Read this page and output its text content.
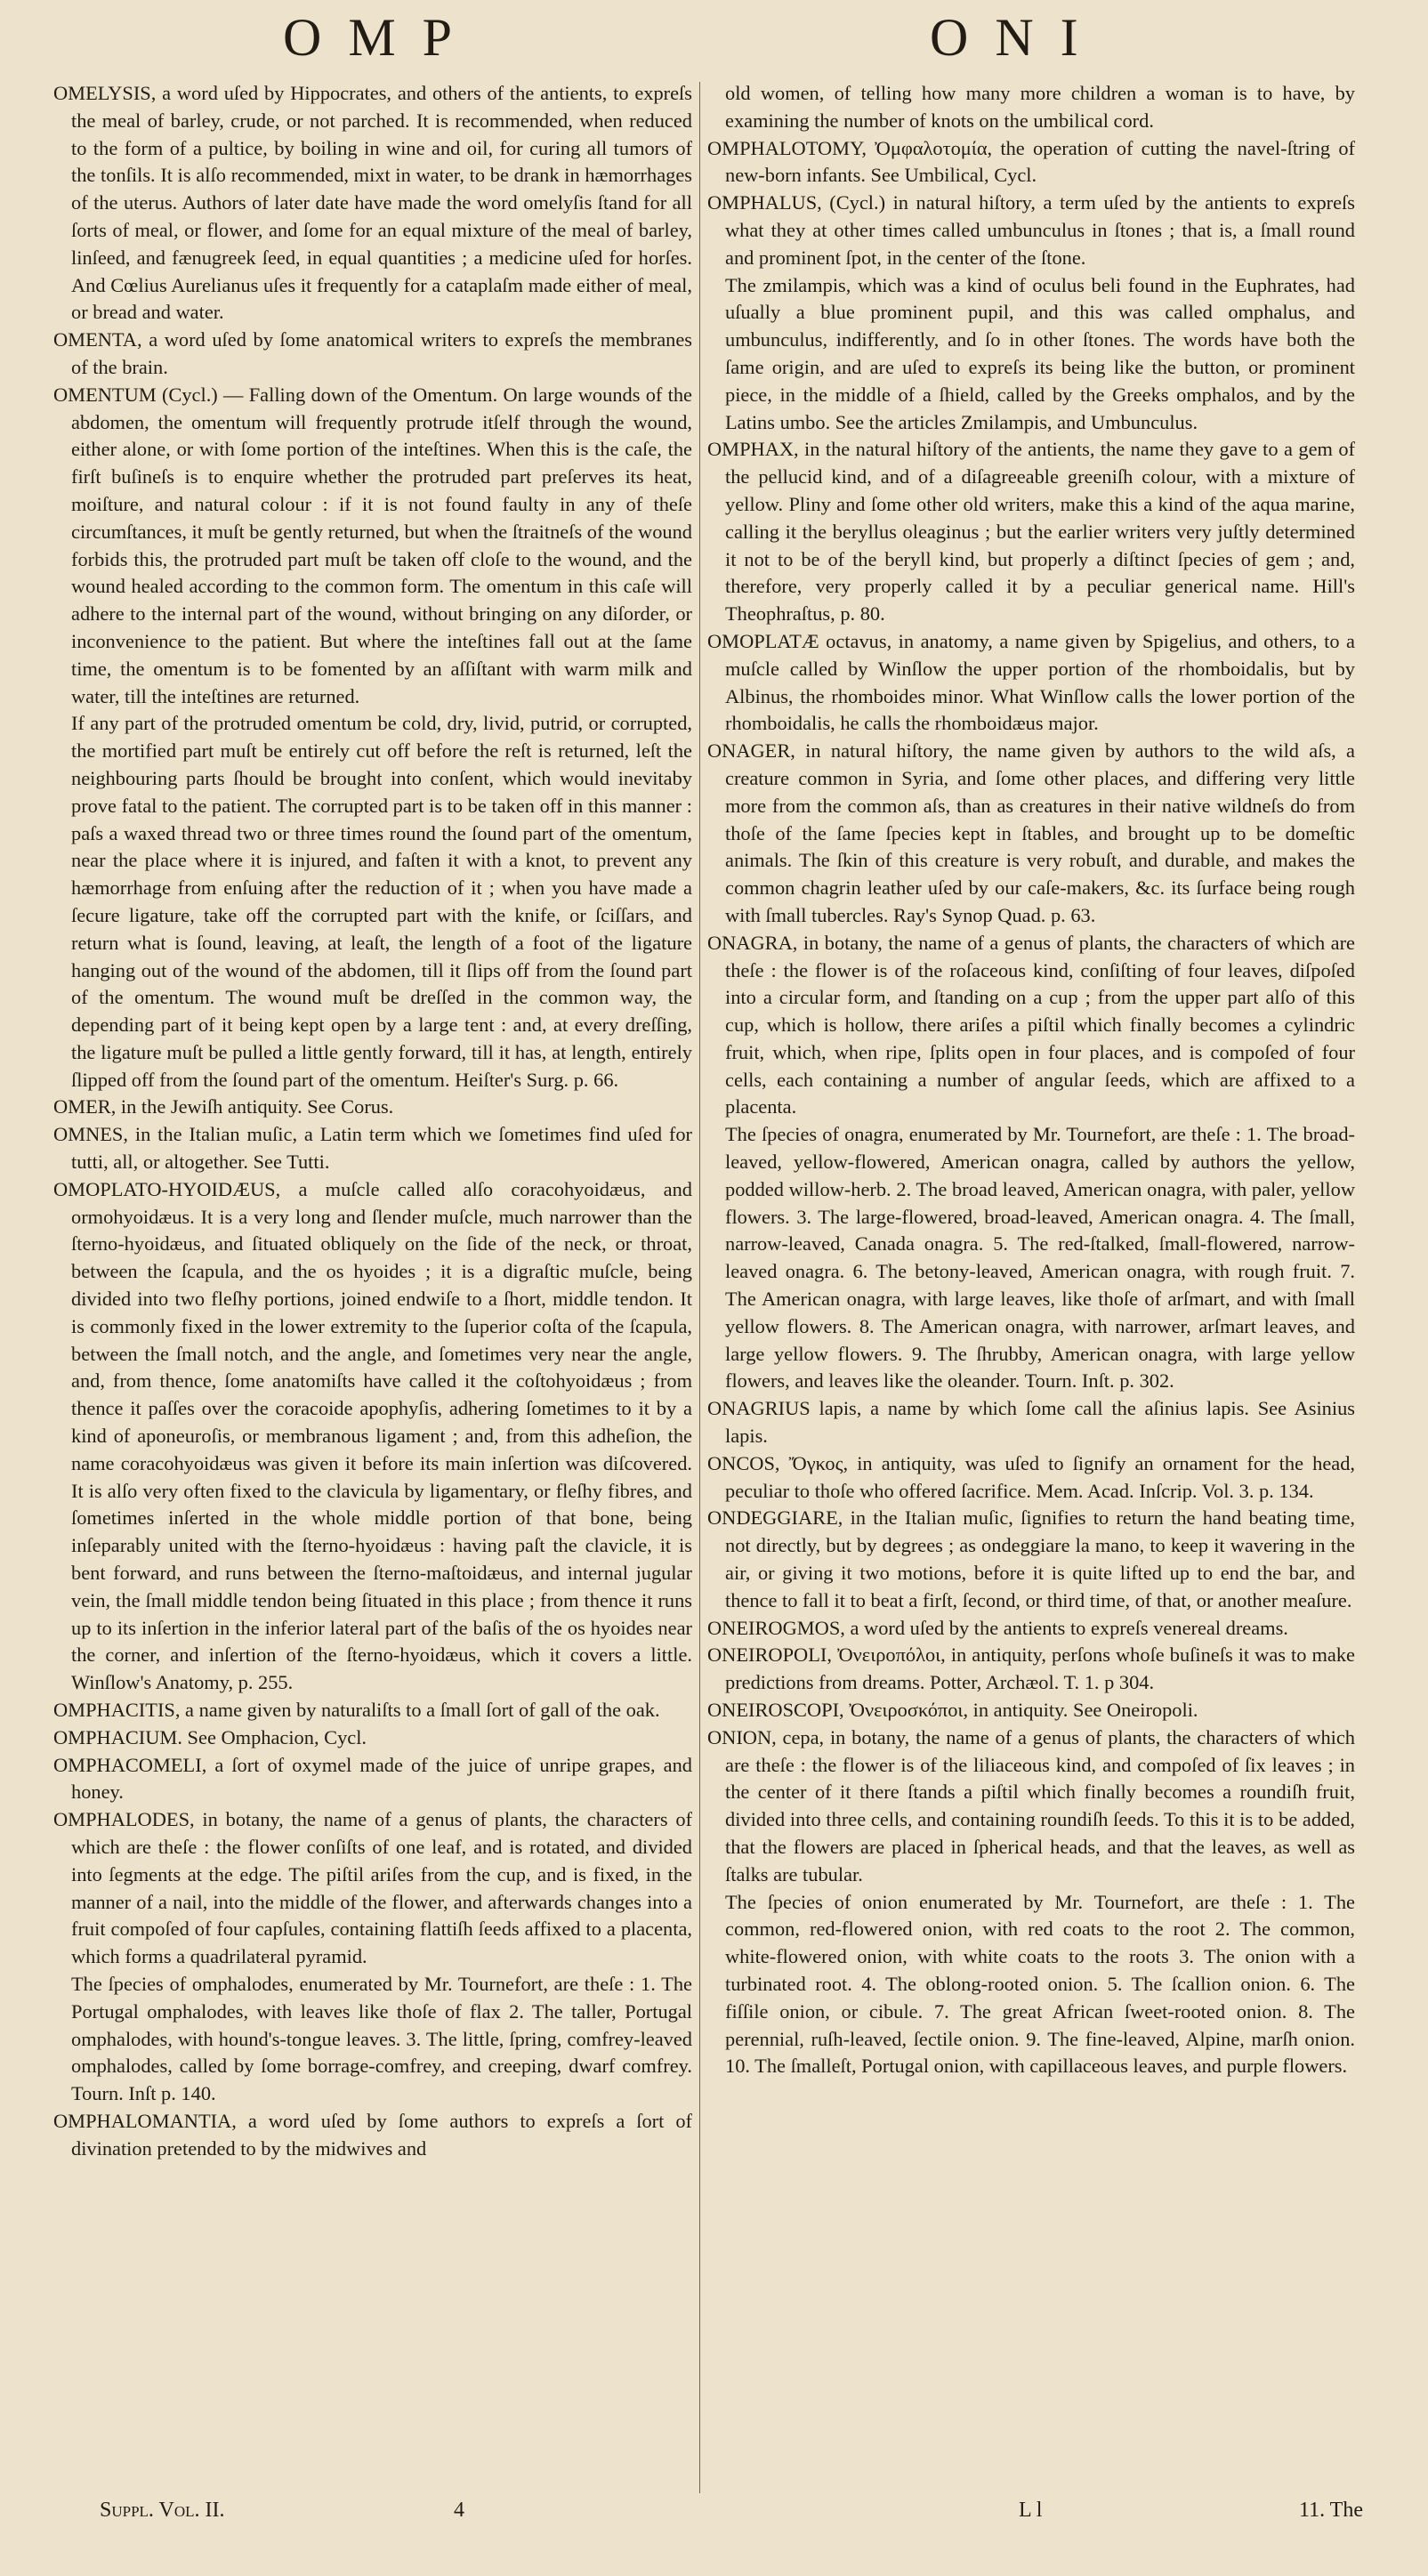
OMP	ONI

OMELYSIS, a word uſed by Hippocrates, and others of the antients, to expreſs the meal of barley, crude, or not parched. It is recommended, when reduced to the form of a pultice, by boiling in wine and oil, for curing all tumors of the tonſils. It is alſo recommended, mixt in water, to be drank in hæmorrhages of the uterus. Authors of later date have made the word omelyſis ſtand for all ſorts of meal, or flower, and ſome for an equal mixture of the meal of barley, linſeed, and fænugreek ſeed, in equal quantities ; a medicine uſed for horſes. And Cœlius Aurelianus uſes it frequently for a cataplaſm made either of meal, or bread and water.

OMENTA, a word uſed by ſome anatomical writers to expreſs the membranes of the brain.

OMENTUM (Cycl.) — Falling down of the Omentum. On large wounds of the abdomen, the omentum will frequently protrude itſelf through the wound, either alone, or with ſome portion of the inteſtines. When this is the caſe, the firſt buſineſs is to enquire whether the protruded part preſerves its heat, moiſture, and natural colour : if it is not found faulty in any of theſe circumſtances, it muſt be gently returned, but when the ſtraitneſs of the wound forbids this, the protruded part muſt be taken off cloſe to the wound, and the wound healed according to the common form. The omentum in this caſe will adhere to the internal part of the wound, without bringing on any diſorder, or inconvenience to the patient. But where the inteſtines fall out at the ſame time, the omentum is to be fomented by an aſſiſtant with warm milk and water, till the inteſtines are returned.

If any part of the protruded omentum be cold, dry, livid, putrid, or corrupted, the mortified part muſt be entirely cut off before the reſt is returned, leſt the neighbouring parts ſhould be brought into conſent, which would inevitaby prove fatal to the patient. The corrupted part is to be taken off in this manner : paſs a waxed thread two or three times round the ſound part of the omentum, near the place where it is injured, and faſten it with a knot, to prevent any hæmorrhage from enſuing after the reduction of it ; when you have made a ſecure ligature, take off the corrupted part with the knife, or ſciſſars, and return what is ſound, leaving, at leaſt, the length of a foot of the ligature hanging out of the wound of the abdomen, till it ſlips off from the ſound part of the omentum. The wound muſt be dreſſed in the common way, the depending part of it being kept open by a large tent : and, at every dreſſing, the ligature muſt be pulled a little gently forward, till it has, at length, entirely ſlipped off from the ſound part of the omentum. Heiſter's Surg. p. 66.

OMER, in the Jewiſh antiquity. See Corus.

OMNES, in the Italian muſic, a Latin term which we ſometimes find uſed for tutti, all, or altogether. See Tutti.

OMOPLATO-HYOIDÆUS, a muſcle called alſo coracohyoidæus, and ormohyoidæus. It is a very long and ſlender muſcle, much narrower than the ſterno-hyoidæus, and ſituated obliquely on the ſide of the neck, or throat, between the ſcapula, and the os hyoides ; it is a digraſtic muſcle, being divided into two fleſhy portions, joined endwiſe to a ſhort, middle tendon. It is commonly fixed in the lower extremity to the ſuperior coſta of the ſcapula, between the ſmall notch, and the angle, and ſometimes very near the angle, and, from thence, ſome anatomiſts have called it the coſtohyoidæus ; from thence it paſſes over the coracoide apophyſis, adhering ſometimes to it by a kind of aponeuroſis, or membranous ligament ; and, from this adheſion, the name coracohyoidæus was given it before its main inſertion was diſcovered. It is alſo very often fixed to the clavicula by ligamentary, or fleſhy fibres, and ſometimes inſerted in the whole middle portion of that bone, being inſeparably united with the ſterno-hyoidæus : having paſt the clavicle, it is bent forward, and runs between the ſterno-maſtoidæus, and internal jugular vein, the ſmall middle tendon being ſituated in this place ; from thence it runs up to its inſertion in the inferior lateral part of the baſis of the os hyoides near the corner, and inſertion of the ſterno-hyoidæus, which it covers a little. Winſlow's Anatomy, p. 255.

OMPHACITIS, a name given by naturaliſts to a ſmall ſort of gall of the oak.

OMPHACIUM. See Omphacion, Cycl.

OMPHACOMELI, a ſort of oxymel made of the juice of unripe grapes, and honey.

OMPHALODES, in botany, the name of a genus of plants, the characters of which are theſe : the flower conſiſts of one leaf, and is rotated, and divided into ſegments at the edge. The piſtil ariſes from the cup, and is fixed, in the manner of a nail, into the middle of the flower, and afterwards changes into a fruit compoſed of four capſules, containing flattiſh ſeeds affixed to a placenta, which forms a quadrilateral pyramid.

The ſpecies of omphalodes, enumerated by Mr. Tournefort, are theſe : 1. The Portugal omphalodes, with leaves like thoſe of flax 2. The taller, Portugal omphalodes, with hound's-tongue leaves. 3. The little, ſpring, comfrey-leaved omphalodes, called by ſome borrage-comfrey, and creeping, dwarf comfrey. Tourn. Inſt p. 140.

OMPHALOMANTIA, a word uſed by ſome authors to expreſs a ſort of divination pretended to by the midwives and

old women, of telling how many more children a woman is to have, by examining the number of knots on the umbilical cord.

OMPHALOTOMY, Ὀμφαλοτομία, the operation of cutting the navel-ſtring of new-born infants. See Umbilical, Cycl.

OMPHALUS, (Cycl.) in natural hiſtory, a term uſed by the antients to expreſs what they at other times called umbunculus in ſtones ; that is, a ſmall round and prominent ſpot, in the center of the ſtone.

The zmilampis, which was a kind of oculus beli found in the Euphrates, had uſually a blue prominent pupil, and this was called omphalus, and umbunculus, indifferently, and ſo in other ſtones. The words have both the ſame origin, and are uſed to expreſs its being like the button, or prominent piece, in the middle of a ſhield, called by the Greeks omphalos, and by the Latins umbo. See the articles Zmilampis, and Umbunculus.

OMPHAX, in the natural hiſtory of the antients, the name they gave to a gem of the pellucid kind, and of a diſagreeable greeniſh colour, with a mixture of yellow. Pliny and ſome other old writers, make this a kind of the aqua marine, calling it the beryllus oleaginus ; but the earlier writers very juſtly determined it not to be of the beryll kind, but properly a diſtinct ſpecies of gem ; and, therefore, very properly called it by a peculiar generical name. Hill's Theophraſtus, p. 80.

OMOPLATÆ octavus, in anatomy, a name given by Spigelius, and others, to a muſcle called by Winſlow the upper portion of the rhomboidalis, but by Albinus, the rhomboides minor. What Winſlow calls the lower portion of the rhomboidalis, he calls the rhomboidæus major.

ONAGER, in natural hiſtory, the name given by authors to the wild aſs, a creature common in Syria, and ſome other places, and differing very little more from the common aſs, than as creatures in their native wildneſs do from thoſe of the ſame ſpecies kept in ſtables, and brought up to be domeſtic animals. The ſkin of this creature is very robuſt, and durable, and makes the common chagrin leather uſed by our caſe-makers, &c. its ſurface being rough with ſmall tubercles. Ray's Synop Quad. p. 63.

ONAGRA, in botany, the name of a genus of plants, the characters of which are theſe : the flower is of the roſaceous kind, conſiſting of four leaves, diſpoſed into a circular form, and ſtanding on a cup ; from the upper part alſo of this cup, which is hollow, there ariſes a piſtil which finally becomes a cylindric fruit, which, when ripe, ſplits open in four places, and is compoſed of four cells, each containing a number of angular ſeeds, which are affixed to a placenta.

The ſpecies of onagra, enumerated by Mr. Tournefort, are theſe : 1. The broad-leaved, yellow-flowered, American onagra, called by authors the yellow, podded willow-herb. 2. The broad leaved, American onagra, with paler, yellow flowers. 3. The large-flowered, broad-leaved, American onagra. 4. The ſmall, narrow-leaved, Canada onagra. 5. The red-ſtalked, ſmall-flowered, narrow-leaved onagra. 6. The betony-leaved, American onagra, with rough fruit. 7. The American onagra, with large leaves, like thoſe of arſmart, and with ſmall yellow flowers. 8. The American onagra, with narrower, arſmart leaves, and large yellow flowers. 9. The ſhrubby, American onagra, with large yellow flowers, and leaves like the oleander. Tourn. Inſt. p. 302.

ONAGRIUS lapis, a name by which ſome call the aſinius lapis. See Asinius lapis.

ONCOS, Ὄγκος, in antiquity, was uſed to ſignify an ornament for the head, peculiar to thoſe who offered ſacrifice. Mem. Acad. Inſcrip. Vol. 3. p. 134.

ONDEGGIARE, in the Italian muſic, ſignifies to return the hand beating time, not directly, but by degrees ; as ondeggiare la mano, to keep it wavering in the air, or giving it two motions, before it is quite lifted up to end the bar, and thence to fall it to beat a firſt, ſecond, or third time, of that, or another meaſure.

ONEIROGMOS, a word uſed by the antients to expreſs venereal dreams.

ONEIROPOLI, Ὀνειροπόλοι, in antiquity, perſons whoſe buſineſs it was to make predictions from dreams. Potter, Archæol. T. 1. p 304.

ONEIROSCOPI, Ὀνειροσκόποι, in antiquity. See Oneiropoli.

ONION, cepa, in botany, the name of a genus of plants, the characters of which are theſe : the flower is of the liliaceous kind, and compoſed of ſix leaves ; in the center of it there ſtands a piſtil which finally becomes a roundiſh fruit, divided into three cells, and containing roundiſh ſeeds. To this it is to be added, that the flowers are placed in ſpherical heads, and that the leaves, as well as ſtalks are tubular.

The ſpecies of onion enumerated by Mr. Tournefort, are theſe : 1. The common, red-flowered onion, with red coats to the root 2. The common, white-flowered onion, with white coats to the roots 3. The onion with a turbinated root. 4. The oblong-rooted onion. 5. The ſcallion onion. 6. The fiſſile onion, or cibule. 7. The great African ſweet-rooted onion. 8. The perennial, ruſh-leaved, ſectile onion. 9. The fine-leaved, Alpine, marſh onion. 10. The ſmalleſt, Portugal onion, with capillaceous leaves, and purple flowers.

Suppl. Vol. II.	4	L l	11. The
